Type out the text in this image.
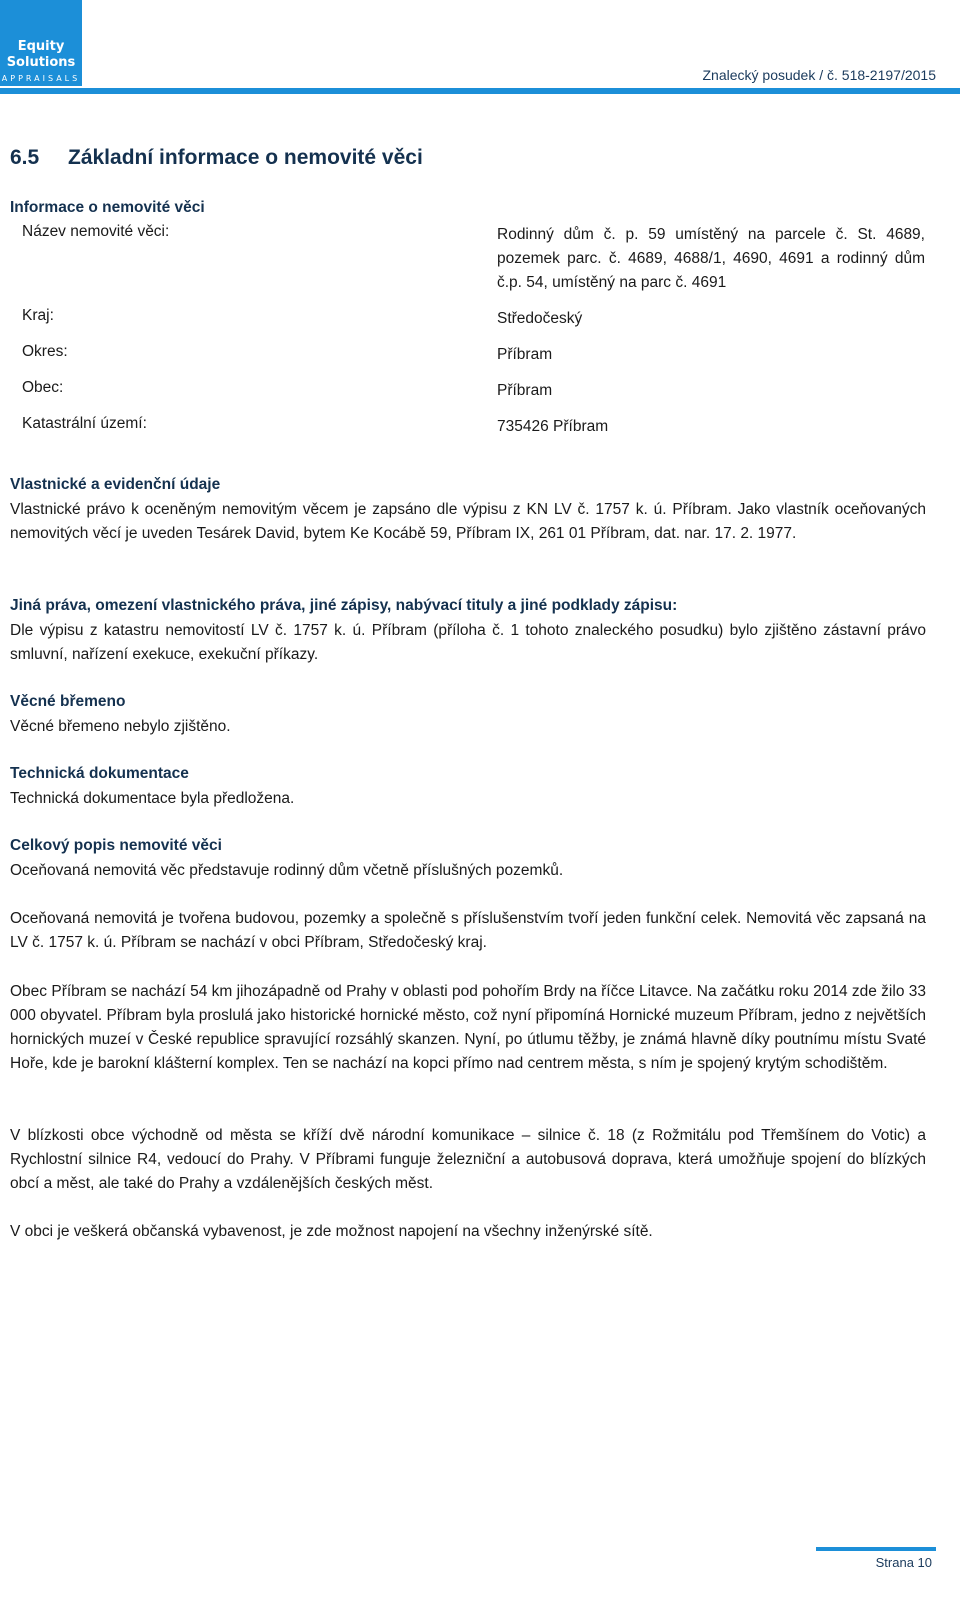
Equity
Solutions
APPRAISALS	Znalecký posudek / č. 518-2197/2015
6.5 Základní informace o nemovité věci
Informace o nemovité věci
Název nemovité věci:	Rodinný dům č. p. 59 umístěný na parcele č. St. 4689, pozemek parc. č. 4689, 4688/1, 4690, 4691 a rodinný dům č.p. 54, umístěný na parc č. 4691
Kraj:	Středočeský
Okres:	Příbram
Obec:	Příbram
Katastrální území:	735426 Příbram
Vlastnické a evidenční údaje
Vlastnické právo k oceněným nemovitým věcem je zapsáno dle výpisu z KN LV č. 1757 k. ú. Příbram. Jako vlastník oceňovaných nemovitých věcí je uveden Tesárek David, bytem Ke Kocábě 59, Příbram IX, 261 01 Příbram, dat. nar. 17. 2. 1977.
Jiná práva, omezení vlastnického práva, jiné zápisy, nabývací tituly a jiné podklady zápisu:
Dle výpisu z katastru nemovitostí LV č. 1757 k. ú. Příbram (příloha č. 1 tohoto znaleckého posudku) bylo zjištěno zástavní právo smluvní, nařízení exekuce, exekuční příkazy.
Věcné břemeno
Věcné břemeno nebylo zjištěno.
Technická dokumentace
Technická dokumentace byla předložena.
Celkový popis nemovité věci
Oceňovaná nemovitá věc představuje rodinný dům včetně příslušných pozemků.
Oceňovaná nemovitá je tvořena budovou, pozemky a společně s příslušenstvím tvoří jeden funkční celek. Nemovitá věc zapsaná na LV č. 1757 k. ú. Příbram se nachází v obci Příbram, Středočeský kraj.
Obec Příbram se nachází 54 km jihozápadně od Prahy v oblasti pod pohořím Brdy na říčce Litavce. Na začátku roku 2014 zde žilo 33 000 obyvatel. Příbram byla proslulá jako historické hornické město, což nyní připomíná Hornické muzeum Příbram, jedno z největších hornických muzeí v České republice spravující rozsáhlý skanzen. Nyní, po útlumu těžby, je známá hlavně díky poutnímu místu Svaté Hoře, kde je barokní klášterní komplex. Ten se nachází na kopci přímo nad centrem města, s ním je spojený krytým schodištěm.
V blízkosti obce východně od města se kříží dvě národní komunikace – silnice č. 18 (z Rožmitálu pod Třemšínem do Votic) a Rychlostní silnice R4, vedoucí do Prahy. V Příbrami funguje železniční a autobusová doprava, která umožňuje spojení do blízkých obcí a měst, ale také do Prahy a vzdálenějších českých měst.
V obci je veškerá občanská vybavenost, je zde možnost napojení na všechny inženýrské sítě.
Strana 10
